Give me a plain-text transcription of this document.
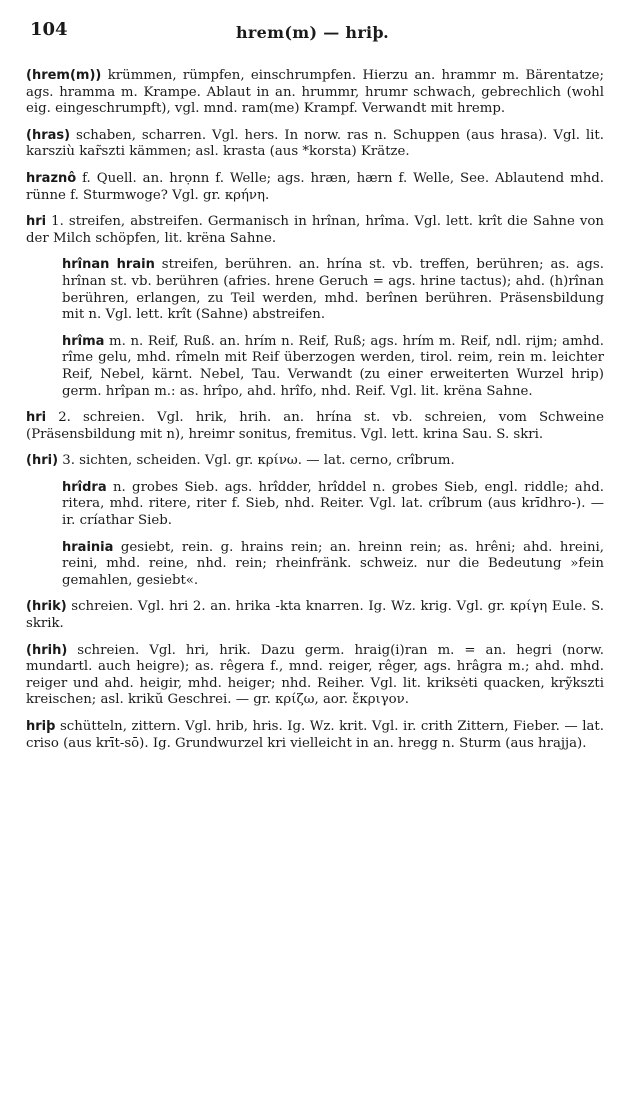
104	hrem(m) — hriþ.

(hrem(m)) krümmen, rümpfen, einschrumpfen. Hierzu an. hrammr m. Bärentatze; ags. hramma m. Krampe. Ablaut in an. hrummr, hrumr schwach, gebrechlich (wohl eig. eingeschrumpft), vgl. mnd. ram(me) Krampf. Verwandt mit hremp.

(hras) schaben, scharren. Vgl. hers. In norw. ras n. Schuppen (aus hrasa). Vgl. lit. karsziù kar̃szti kämmen; asl. krasta (aus *korsta) Krätze.

hraznô f. Quell. an. hrọnn f. Welle; ags. hræn, hærn f. Welle, See. Ablautend mhd. rünne f. Sturmwoge? Vgl. gr. κρήνη.

hri 1. streifen, abstreifen. Germanisch in hrînan, hrîma. Vgl. lett. krît die Sahne von der Milch schöpfen, lit. krëna Sahne.

hrînan hrain streifen, berühren. an. hrína st. vb. treffen, berühren; as. ags. hrînan st. vb. berühren (afries. hrene Geruch = ags. hrine tactus); ahd. (h)rînan berühren, erlangen, zu Teil werden, mhd. berînen berühren. Präsensbildung mit n. Vgl. lett. krît (Sahne) abstreifen.

hrîma m. n. Reif, Ruß. an. hrím n. Reif, Ruß; ags. hrím m. Reif, ndl. rijm; amhd. rîme gelu, mhd. rîmeln mit Reif überzogen werden, tirol. reim, rein m. leichter Reif, Nebel, kärnt. Nebel, Tau. Verwandt (zu einer erweiterten Wurzel hrip) germ. hrîpan m.: as. hrîpo, ahd. hrîfo, nhd. Reif. Vgl. lit. krëna Sahne.

hri 2. schreien. Vgl. hrik, hrih. an. hrína st. vb. schreien, vom Schweine (Präsensbildung mit n), hreimr sonitus, fremitus. Vgl. lett. krina Sau. S. skri.

(hri) 3. sichten, scheiden. Vgl. gr. κρίνω. — lat. cerno, crîbrum.

hrîdra n. grobes Sieb. ags. hrîdder, hrîddel n. grobes Sieb, engl. riddle; ahd. ritera, mhd. ritere, riter f. Sieb, nhd. Reiter. Vgl. lat. crîbrum (aus krīdhro-). — ir. críathar Sieb.

hrainia gesiebt, rein. g. hrains rein; an. hreinn rein; as. hrêni; ahd. hreini, reini, mhd. reine, nhd. rein; rheinfränk. schweiz. nur die Bedeutung »fein gemahlen, gesiebt«.

(hrik) schreien. Vgl. hri 2. an. hrika -kta knarren. Ig. Wz. krig. Vgl. gr. κρίγη Eule. S. skrik.

(hrih) schreien. Vgl. hri, hrik. Dazu germ. hraig(i)ran m. = an. hegri (norw. mundartl. auch heigre); as. rêgera f., mnd. reiger, rêger, ags. hrâgra m.; ahd. mhd. reiger und ahd. heigir, mhd. heiger; nhd. Reiher. Vgl. lit. kriksėti quacken, krỹkszti kreischen; asl. krikŭ Geschrei. — gr. κρίζω, aor. ἔκριγον.

hriþ schütteln, zittern. Vgl. hrib, hris. Ig. Wz. krit. Vgl. ir. crith Zittern, Fieber. — lat. criso (aus krīt-sō). Ig. Grundwurzel kri vielleicht in an. hregg n. Sturm (aus hrajja).
